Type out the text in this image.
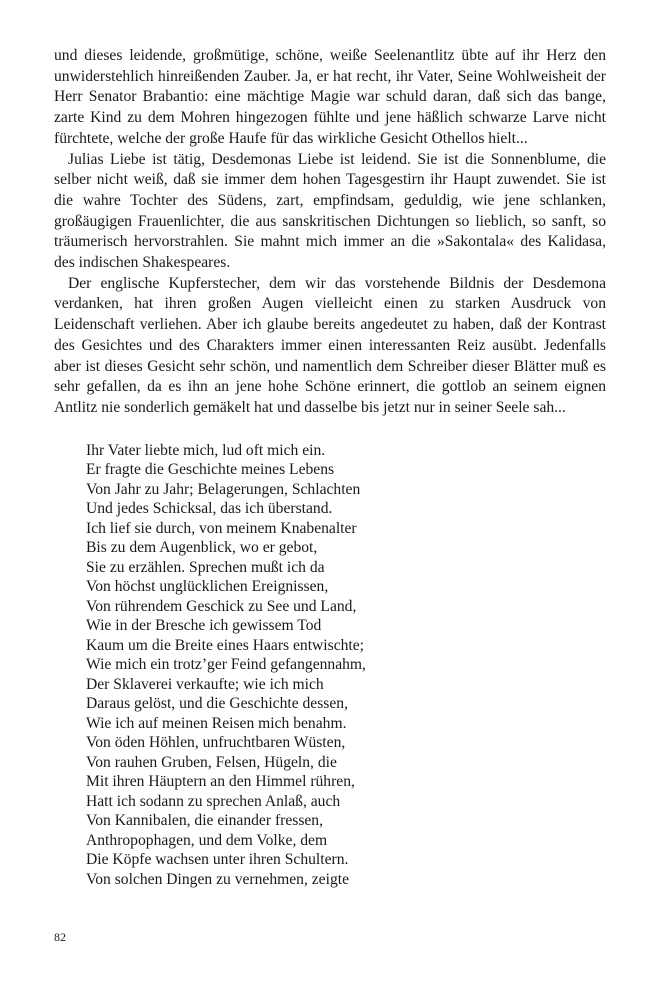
und dieses leidende, großmütige, schöne, weiße Seelenantlitz übte auf ihr Herz den unwiderstehlich hinreißenden Zauber. Ja, er hat recht, ihr Vater, Seine Wohlweisheit der Herr Senator Brabantio: eine mächtige Magie war schuld daran, daß sich das bange, zarte Kind zu dem Mohren hingezogen fühlte und jene häßlich schwarze Larve nicht fürchtete, welche der große Haufe für das wirkliche Gesicht Othellos hielt...

Julias Liebe ist tätig, Desdemonas Liebe ist leidend. Sie ist die Sonnenblume, die selber nicht weiß, daß sie immer dem hohen Tagesgestirn ihr Haupt zuwendet. Sie ist die wahre Tochter des Südens, zart, empfindsam, geduldig, wie jene schlanken, großäugigen Frauenlichter, die aus sanskritischen Dichtungen so lieblich, so sanft, so träumerisch hervorstrahlen. Sie mahnt mich immer an die »Sakontala« des Kalidasa, des indischen Shakespeares.

Der englische Kupferstecher, dem wir das vorstehende Bildnis der Desdemona verdanken, hat ihren großen Augen vielleicht einen zu starken Ausdruck von Leidenschaft verliehen. Aber ich glaube bereits angedeutet zu haben, daß der Kontrast des Gesichtes und des Charakters immer einen interessanten Reiz ausübt. Jedenfalls aber ist dieses Gesicht sehr schön, und namentlich dem Schreiber dieser Blätter muß es sehr gefallen, da es ihn an jene hohe Schöne erinnert, die gottlob an seinem eignen Antlitz nie sonderlich gemäkelt hat und dasselbe bis jetzt nur in seiner Seele sah...

Ihr Vater liebte mich, lud oft mich ein.
Er fragte die Geschichte meines Lebens
Von Jahr zu Jahr; Belagerungen, Schlachten
Und jedes Schicksal, das ich überstand.
Ich lief sie durch, von meinem Knabenalter
Bis zu dem Augenblick, wo er gebot,
Sie zu erzählen. Sprechen mußt ich da
Von höchst unglücklichen Ereignissen,
Von rührendem Geschick zu See und Land,
Wie in der Bresche ich gewissem Tod
Kaum um die Breite eines Haars entwischte;
Wie mich ein trotz’ger Feind gefangennahm,
Der Sklaverei verkaufte; wie ich mich
Daraus gelöst, und die Geschichte dessen,
Wie ich auf meinen Reisen mich benahm.
Von öden Höhlen, unfruchtbaren Wüsten,
Von rauhen Gruben, Felsen, Hügeln, die
Mit ihren Häuptern an den Himmel rühren,
Hatt ich sodann zu sprechen Anlaß, auch
Von Kannibalen, die einander fressen,
Anthropophagen, und dem Volke, dem
Die Köpfe wachsen unter ihren Schultern.
Von solchen Dingen zu vernehmen, zeigte
82
